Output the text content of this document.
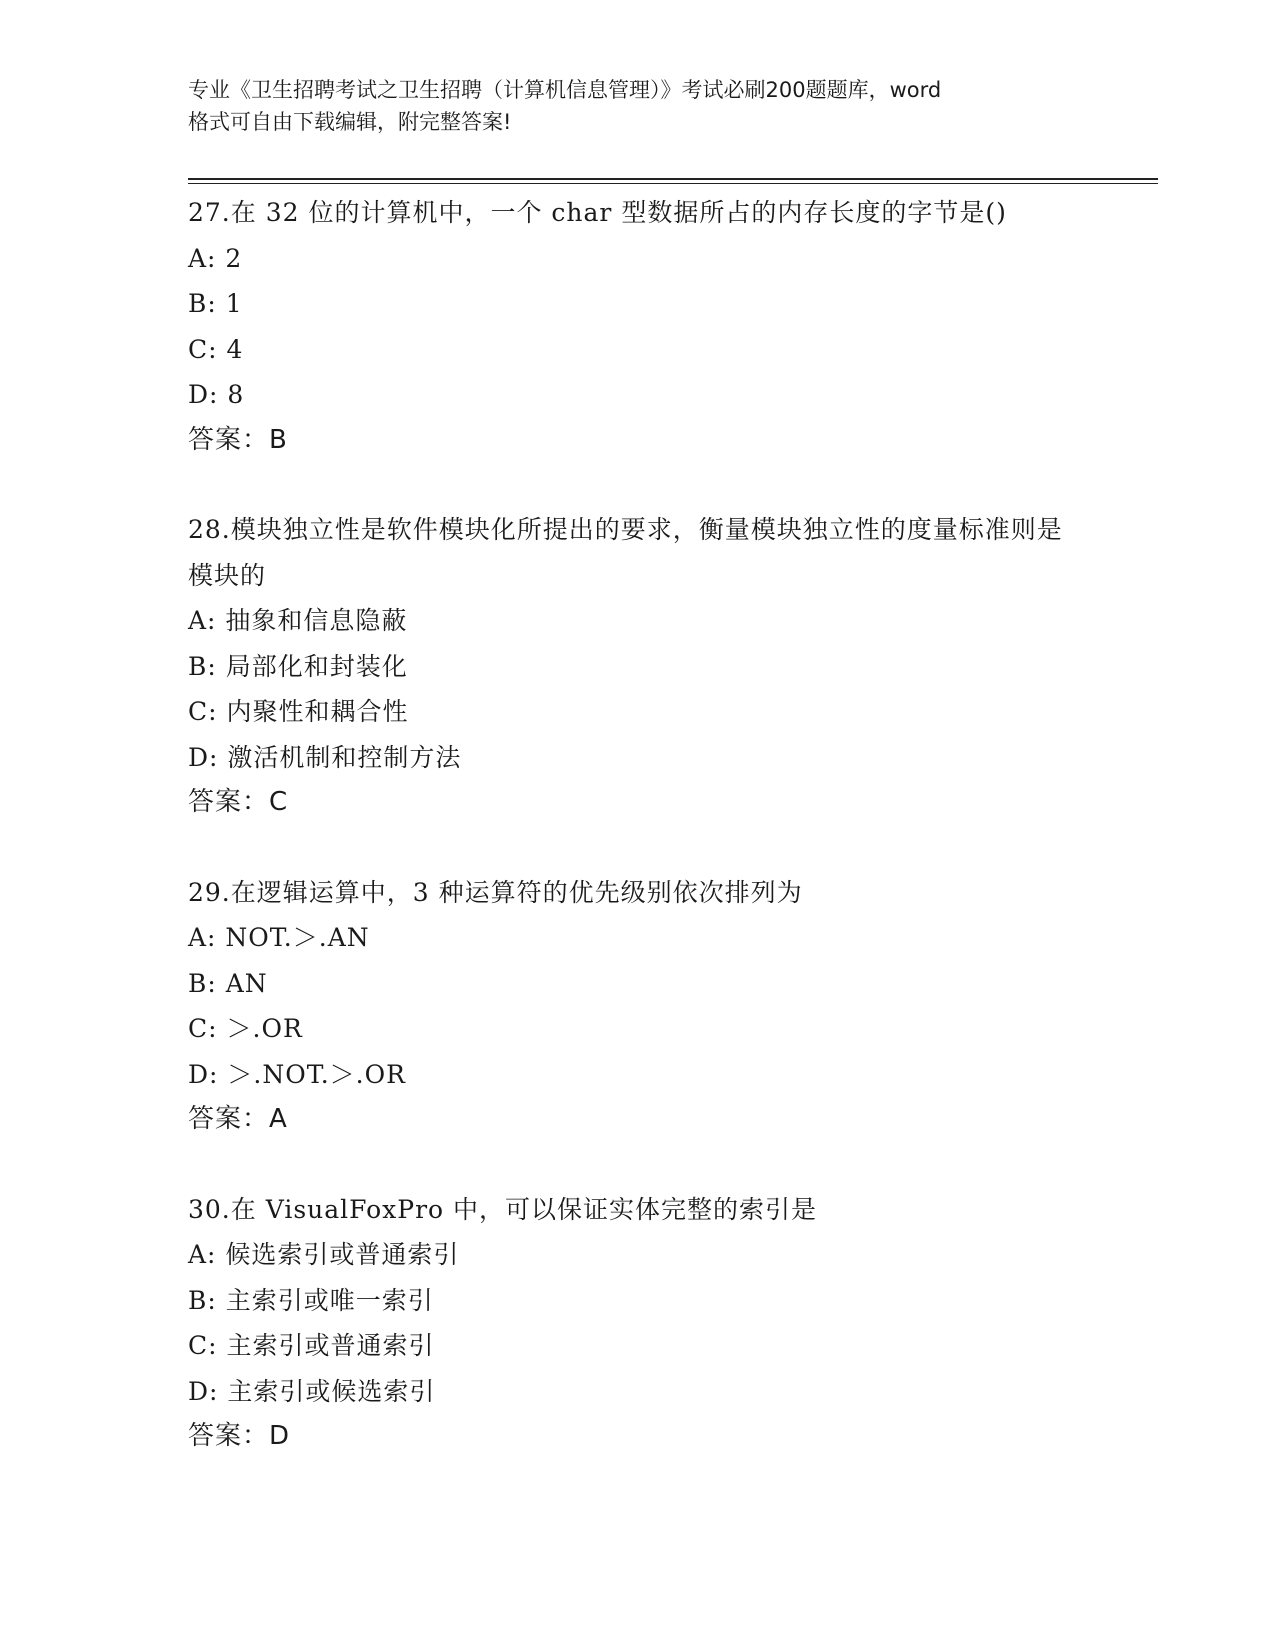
专业《卫生招聘考试之卫生招聘（计算机信息管理）》考试必刷200题题库，word
格式可自由下载编辑，附完整答案!
27.在 32 位的计算机中，一个 char 型数据所占的内存长度的字节是()
A: 2
B: 1
C: 4
D: 8
答案：B
28.模块独立性是软件模块化所提出的要求，衡量模块独立性的度量标准则是模块的
A: 抽象和信息隐蔽
B: 局部化和封装化
C: 内聚性和耦合性
D: 激活机制和控制方法
答案：C
29.在逻辑运算中，3 种运算符的优先级别依次排列为
A: NOT.＞.AN
B: AN
C: ＞.OR
D: ＞.NOT.＞.OR
答案：A
30.在 VisualFoxPro 中，可以保证实体完整的索引是
A: 候选索引或普通索引
B: 主索引或唯一索引
C: 主索引或普通索引
D: 主索引或候选索引
答案：D
